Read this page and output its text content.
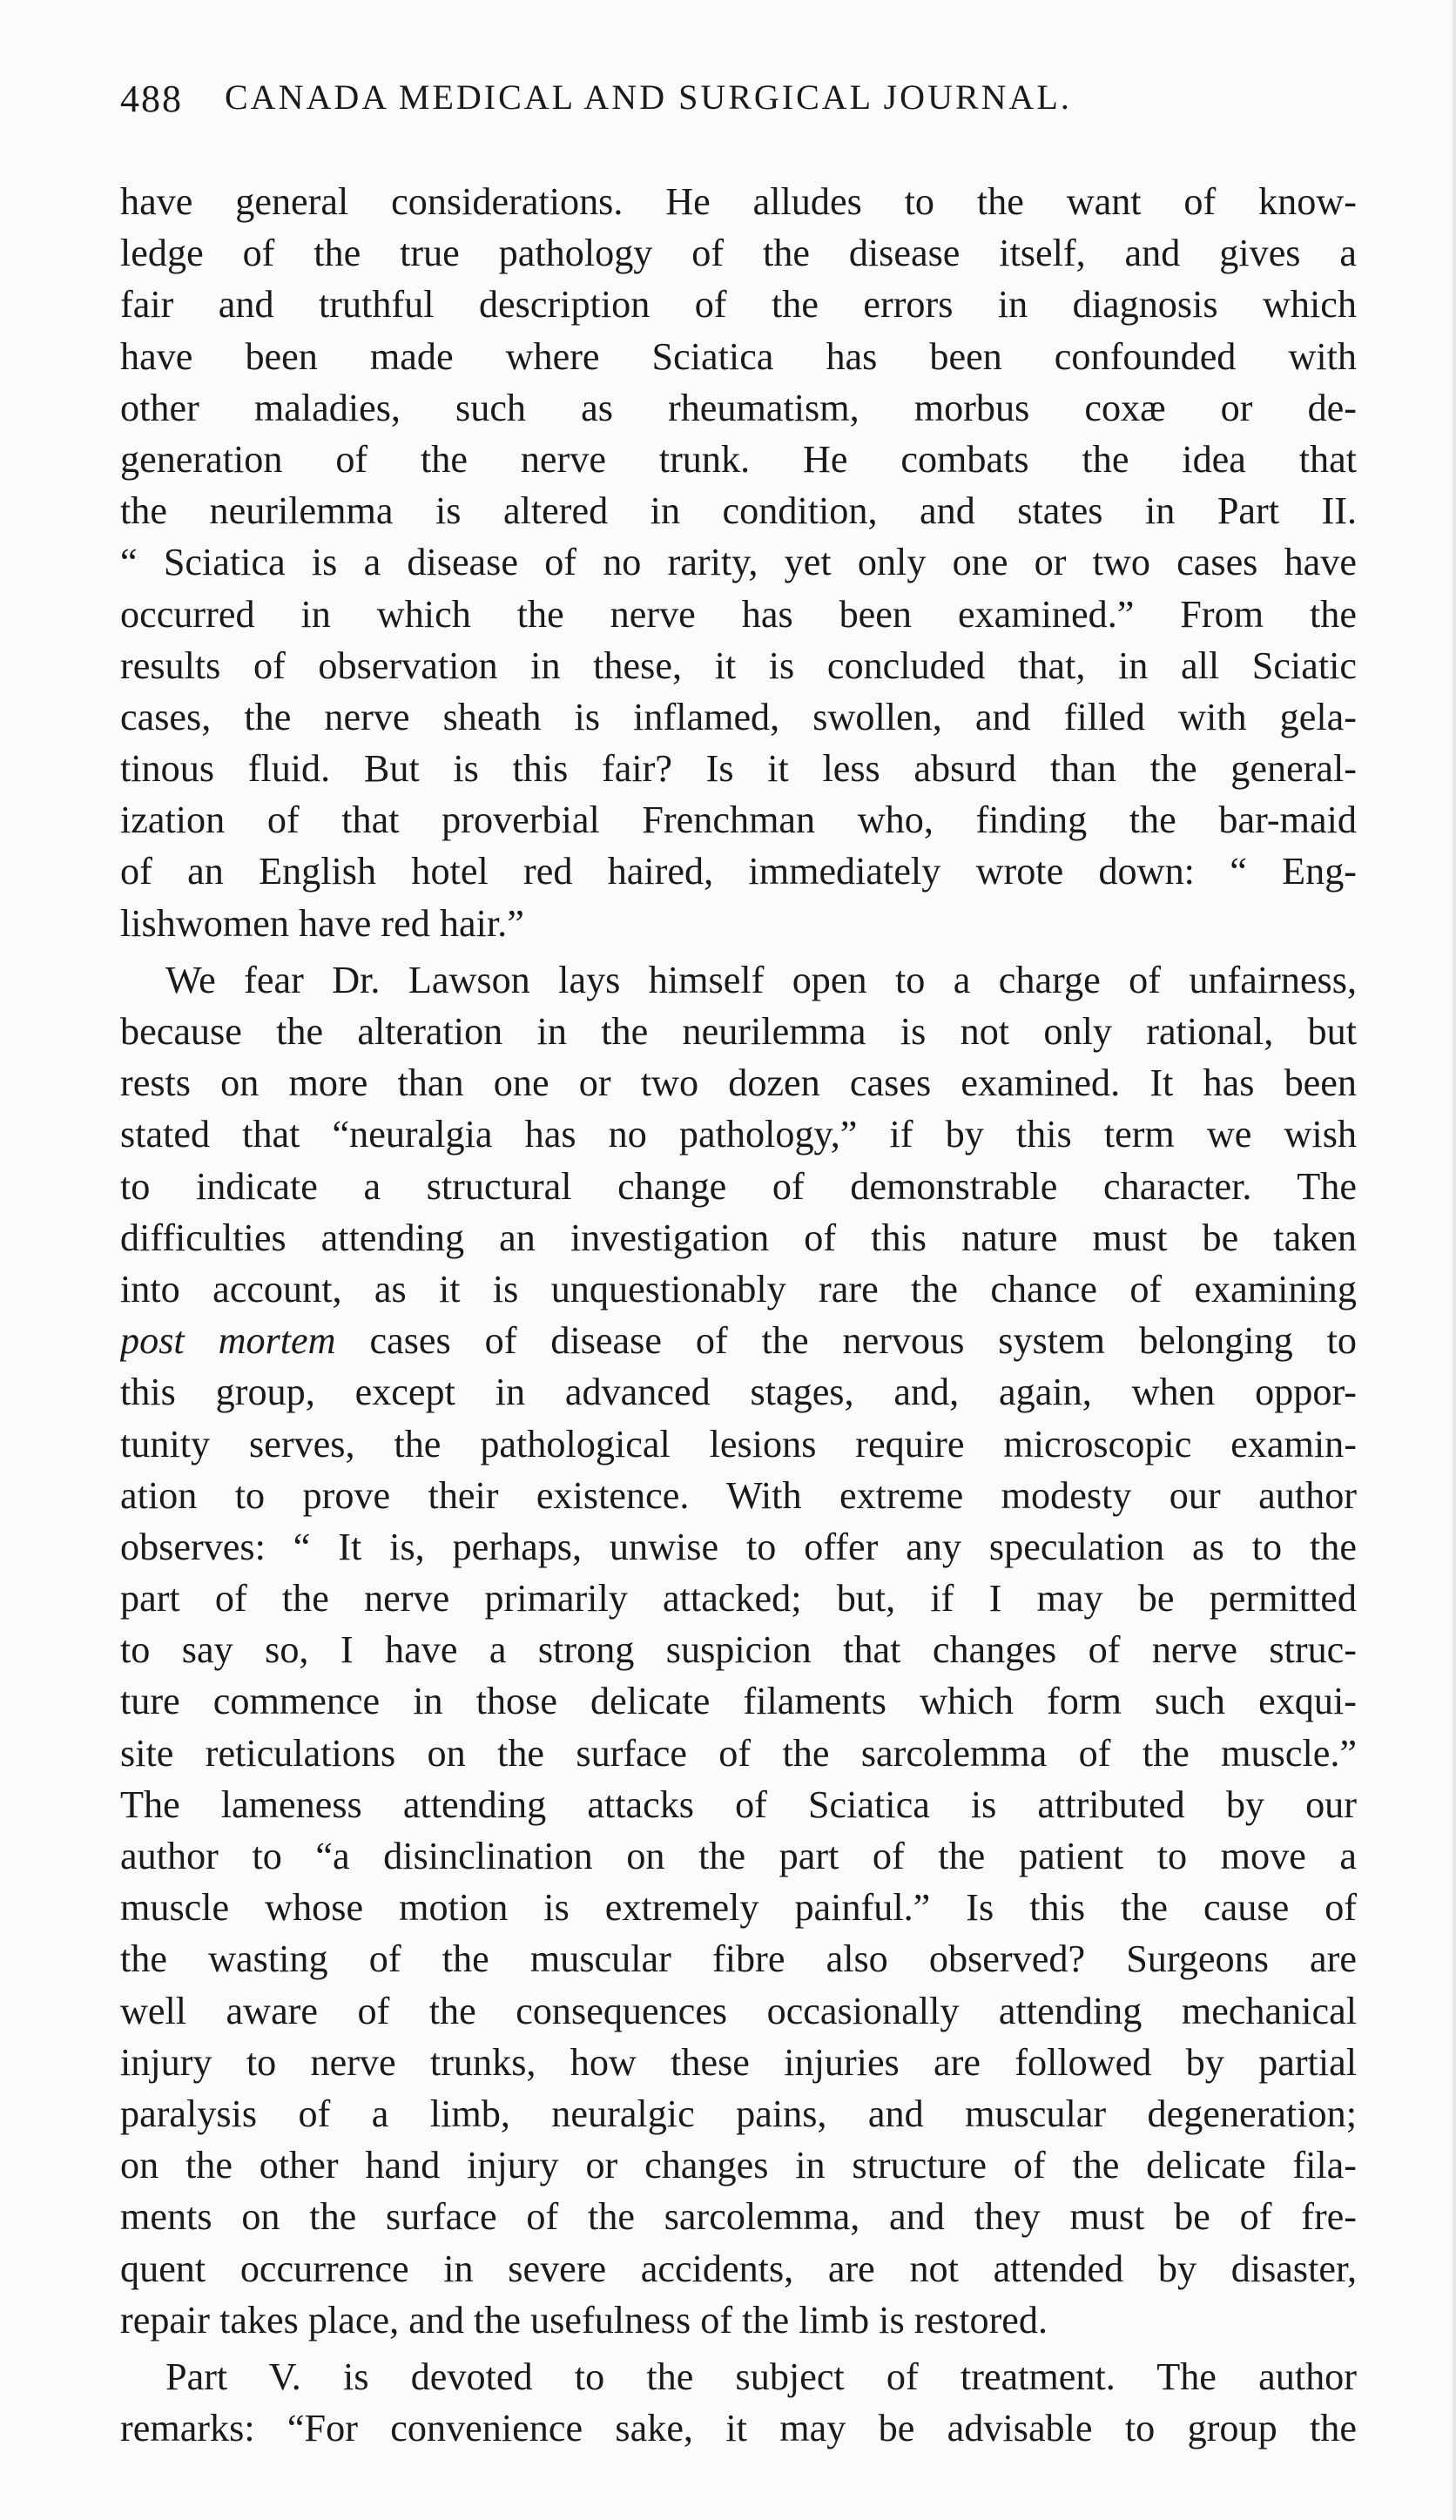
488 CANADA MEDICAL AND SURGICAL JOURNAL.
have general considerations. He alludes to the want of know-
ledge of the true pathology of the disease itself, and gives a
fair and truthful description of the errors in diagnosis which
have been made where Sciatica has been confounded with
other maladies, such as rheumatism, morbus coxæ or de-
generation of the nerve trunk. He combats the idea that
the neurilemma is altered in condition, and states in Part II.
“ Sciatica is a disease of no rarity, yet only one or two cases have
occurred in which the nerve has been examined.” From the
results of observation in these, it is concluded that, in all Sciatic
cases, the nerve sheath is inflamed, swollen, and filled with gela-
tinous fluid. But is this fair? Is it less absurd than the general-
ization of that proverbial Frenchman who, finding the bar-maid
of an English hotel red haired, immediately wrote down: “ Eng-
lishwomen have red hair.”
We fear Dr. Lawson lays himself open to a charge of unfairness,
because the alteration in the neurilemma is not only rational, but
rests on more than one or two dozen cases examined. It has been
stated that “neuralgia has no pathology,” if by this term we wish
to indicate a structural change of demonstrable character. The
difficulties attending an investigation of this nature must be taken
into account, as it is unquestionably rare the chance of examining
post mortem cases of disease of the nervous system belonging to
this group, except in advanced stages, and, again, when oppor-
tunity serves, the pathological lesions require microscopic examin-
ation to prove their existence. With extreme modesty our author
observes: “ It is, perhaps, unwise to offer any speculation as to the
part of the nerve primarily attacked; but, if I may be permitted
to say so, I have a strong suspicion that changes of nerve struc-
ture commence in those delicate filaments which form such exqui-
site reticulations on the surface of the sarcolemma of the muscle.”
The lameness attending attacks of Sciatica is attributed by our
author to “a disinclination on the part of the patient to move a
muscle whose motion is extremely painful.” Is this the cause of
the wasting of the muscular fibre also observed? Surgeons are
well aware of the consequences occasionally attending mechanical
injury to nerve trunks, how these injuries are followed by partial
paralysis of a limb, neuralgic pains, and muscular degeneration;
on the other hand injury or changes in structure of the delicate fila-
ments on the surface of the sarcolemma, and they must be of fre-
quent occurrence in severe accidents, are not attended by disaster,
repair takes place, and the usefulness of the limb is restored.
Part V. is devoted to the subject of treatment. The author
remarks: “For convenience sake, it may be advisable to group the
